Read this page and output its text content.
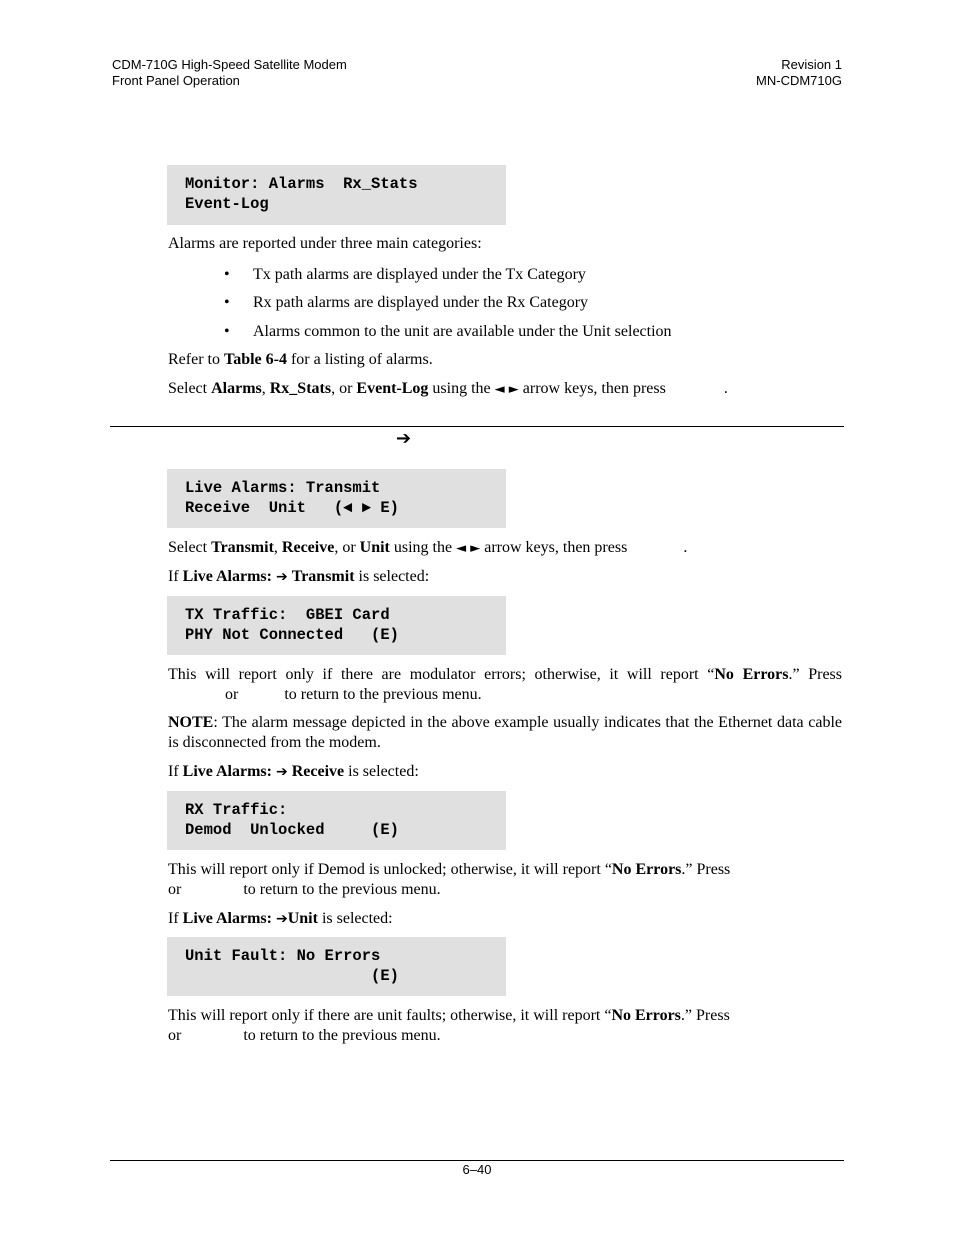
CDM-710G High-Speed Satellite Modem
Front Panel Operation
Revision 1
MN-CDM710G
Monitor: Alarms  Rx_Stats
Event-Log
Alarms are reported under three main categories:
• Tx path alarms are displayed under the Tx Category
• Rx path alarms are displayed under the Rx Category
• Alarms common to the unit are available under the Unit selection
Refer to Table 6-4 for a listing of alarms.
Select Alarms, Rx_Stats, or Event-Log using the ◄ ► arrow keys, then press	.
➔
Live Alarms: Transmit
Receive  Unit   (◄ ► E)
Select Transmit, Receive, or Unit using the ◄ ► arrow keys, then press	.
If Live Alarms: ➔ Transmit is selected:
TX Traffic:  GBEI Card
PHY Not Connected   (E)
This will report only if there are modulator errors; otherwise, it will report “No Errors.” Press
or	to return to the previous menu.
NOTE: The alarm message depicted in the above example usually indicates that the Ethernet data cable is disconnected from the modem.
If Live Alarms: ➔ Receive is selected:
RX Traffic:
Demod  Unlocked     (E)
This will report only if Demod is unlocked; otherwise, it will report “No Errors.” Press
or	to return to the previous menu.
If Live Alarms: ➔Unit is selected:
Unit Fault: No Errors
(E)
This will report only if there are unit faults; otherwise, it will report “No Errors.” Press
or	to return to the previous menu.
6–40
